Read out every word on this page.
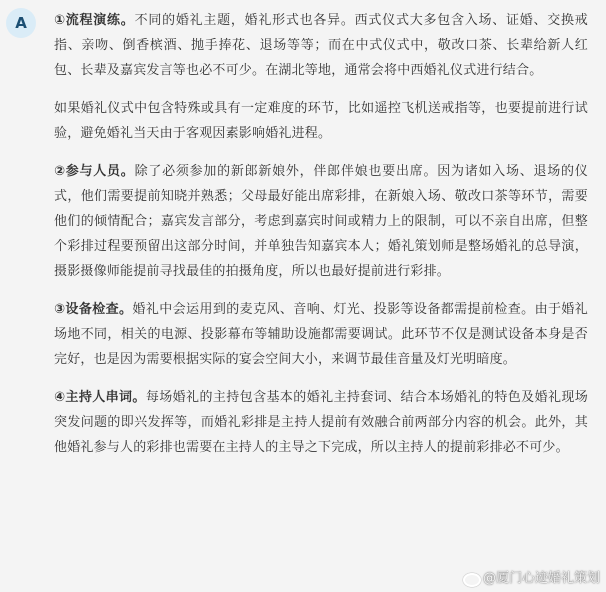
A	①流程演练。不同的婚礼主题，婚礼形式也各异。西式仪式大多包含入场、证婚、交换戒指、亲吻、倒香槟酒、抛手捧花、退场等等；而在中式仪式中，敬改口茶、长辈给新人红包、长辈及嘉宾发言等也必不可少。在湖北等地，通常会将中西婚礼仪式进行结合。

如果婚礼仪式中包含特殊或具有一定难度的环节，比如遥控飞机送戒指等，也要提前进行试验，避免婚礼当天由于客观因素影响婚礼进程。

②参与人员。除了必须参加的新郎新娘外，伴郎伴娘也要出席。因为诸如入场、退场的仪式，他们需要提前知晓并熟悉；父母最好能出席彩排，在新娘入场、敬改口茶等环节，需要他们的倾情配合；嘉宾发言部分，考虑到嘉宾时间或精力上的限制，可以不亲自出席，但整个彩排过程要预留出这部分时间，并单独告知嘉宾本人；婚礼策划师是整场婚礼的总导演，摄影摄像师能提前寻找最佳的拍摄角度，所以也最好提前进行彩排。

③设备检查。婚礼中会运用到的麦克风、音响、灯光、投影等设备都需提前检查。由于婚礼场地不同，相关的电源、投影幕布等辅助设施都需要调试。此环节不仅是测试设备本身是否完好，也是因为需要根据实际的宴会空间大小，来调节最佳音量及灯光明暗度。

④主持人串词。每场婚礼的主持包含基本的婚礼主持套词、结合本场婚礼的特色及婚礼现场突发问题的即兴发挥等，而婚礼彩排是主持人提前有效融合前两部分内容的机会。此外，其他婚礼参与人的彩排也需要在主持人的主导之下完成，所以主持人的提前彩排必不可少。

@厦门心迹婚礼策划
